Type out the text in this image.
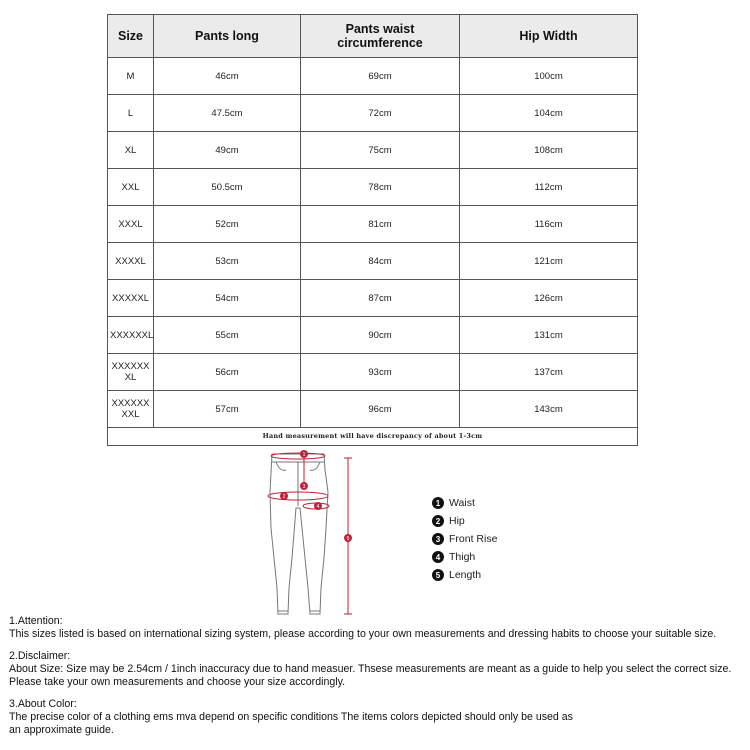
Size	Pants long	Pants waist circumference	Hip Width
M	46cm	69cm	100cm
L	47.5cm	72cm	104cm
XL	49cm	75cm	108cm
XXL	50.5cm	78cm	112cm
XXXL	52cm	81cm	116cm
XXXXL	53cm	84cm	121cm
XXXXXL	54cm	87cm	126cm
XXXXXXL	55cm	90cm	131cm
XXXXXX XL	56cm	93cm	137cm
XXXXXX XXL	57cm	96cm	143cm
Hand measurement will have discrepancy of about 1-3cm			
1
2
3
4
5
1 Waist
2 Hip
3 Front Rise
4 Thigh
5 Length

1.Attention:

This sizes listed is based on international sizing system, please according to your own measurements and dressing habits to choose your suitable size.

2.Disclaimer:

About Size: Size may be 2.54cm / 1inch inaccuracy due to hand measuer. Thsese measurements are meant as a guide to help you select the correct size.

Please take your own measurements and choose your size accordingly.

3.About Color:

The precise color of a clothing ems mva depend on specific conditions The items colors depicted should only be used as

an approximate guide.
